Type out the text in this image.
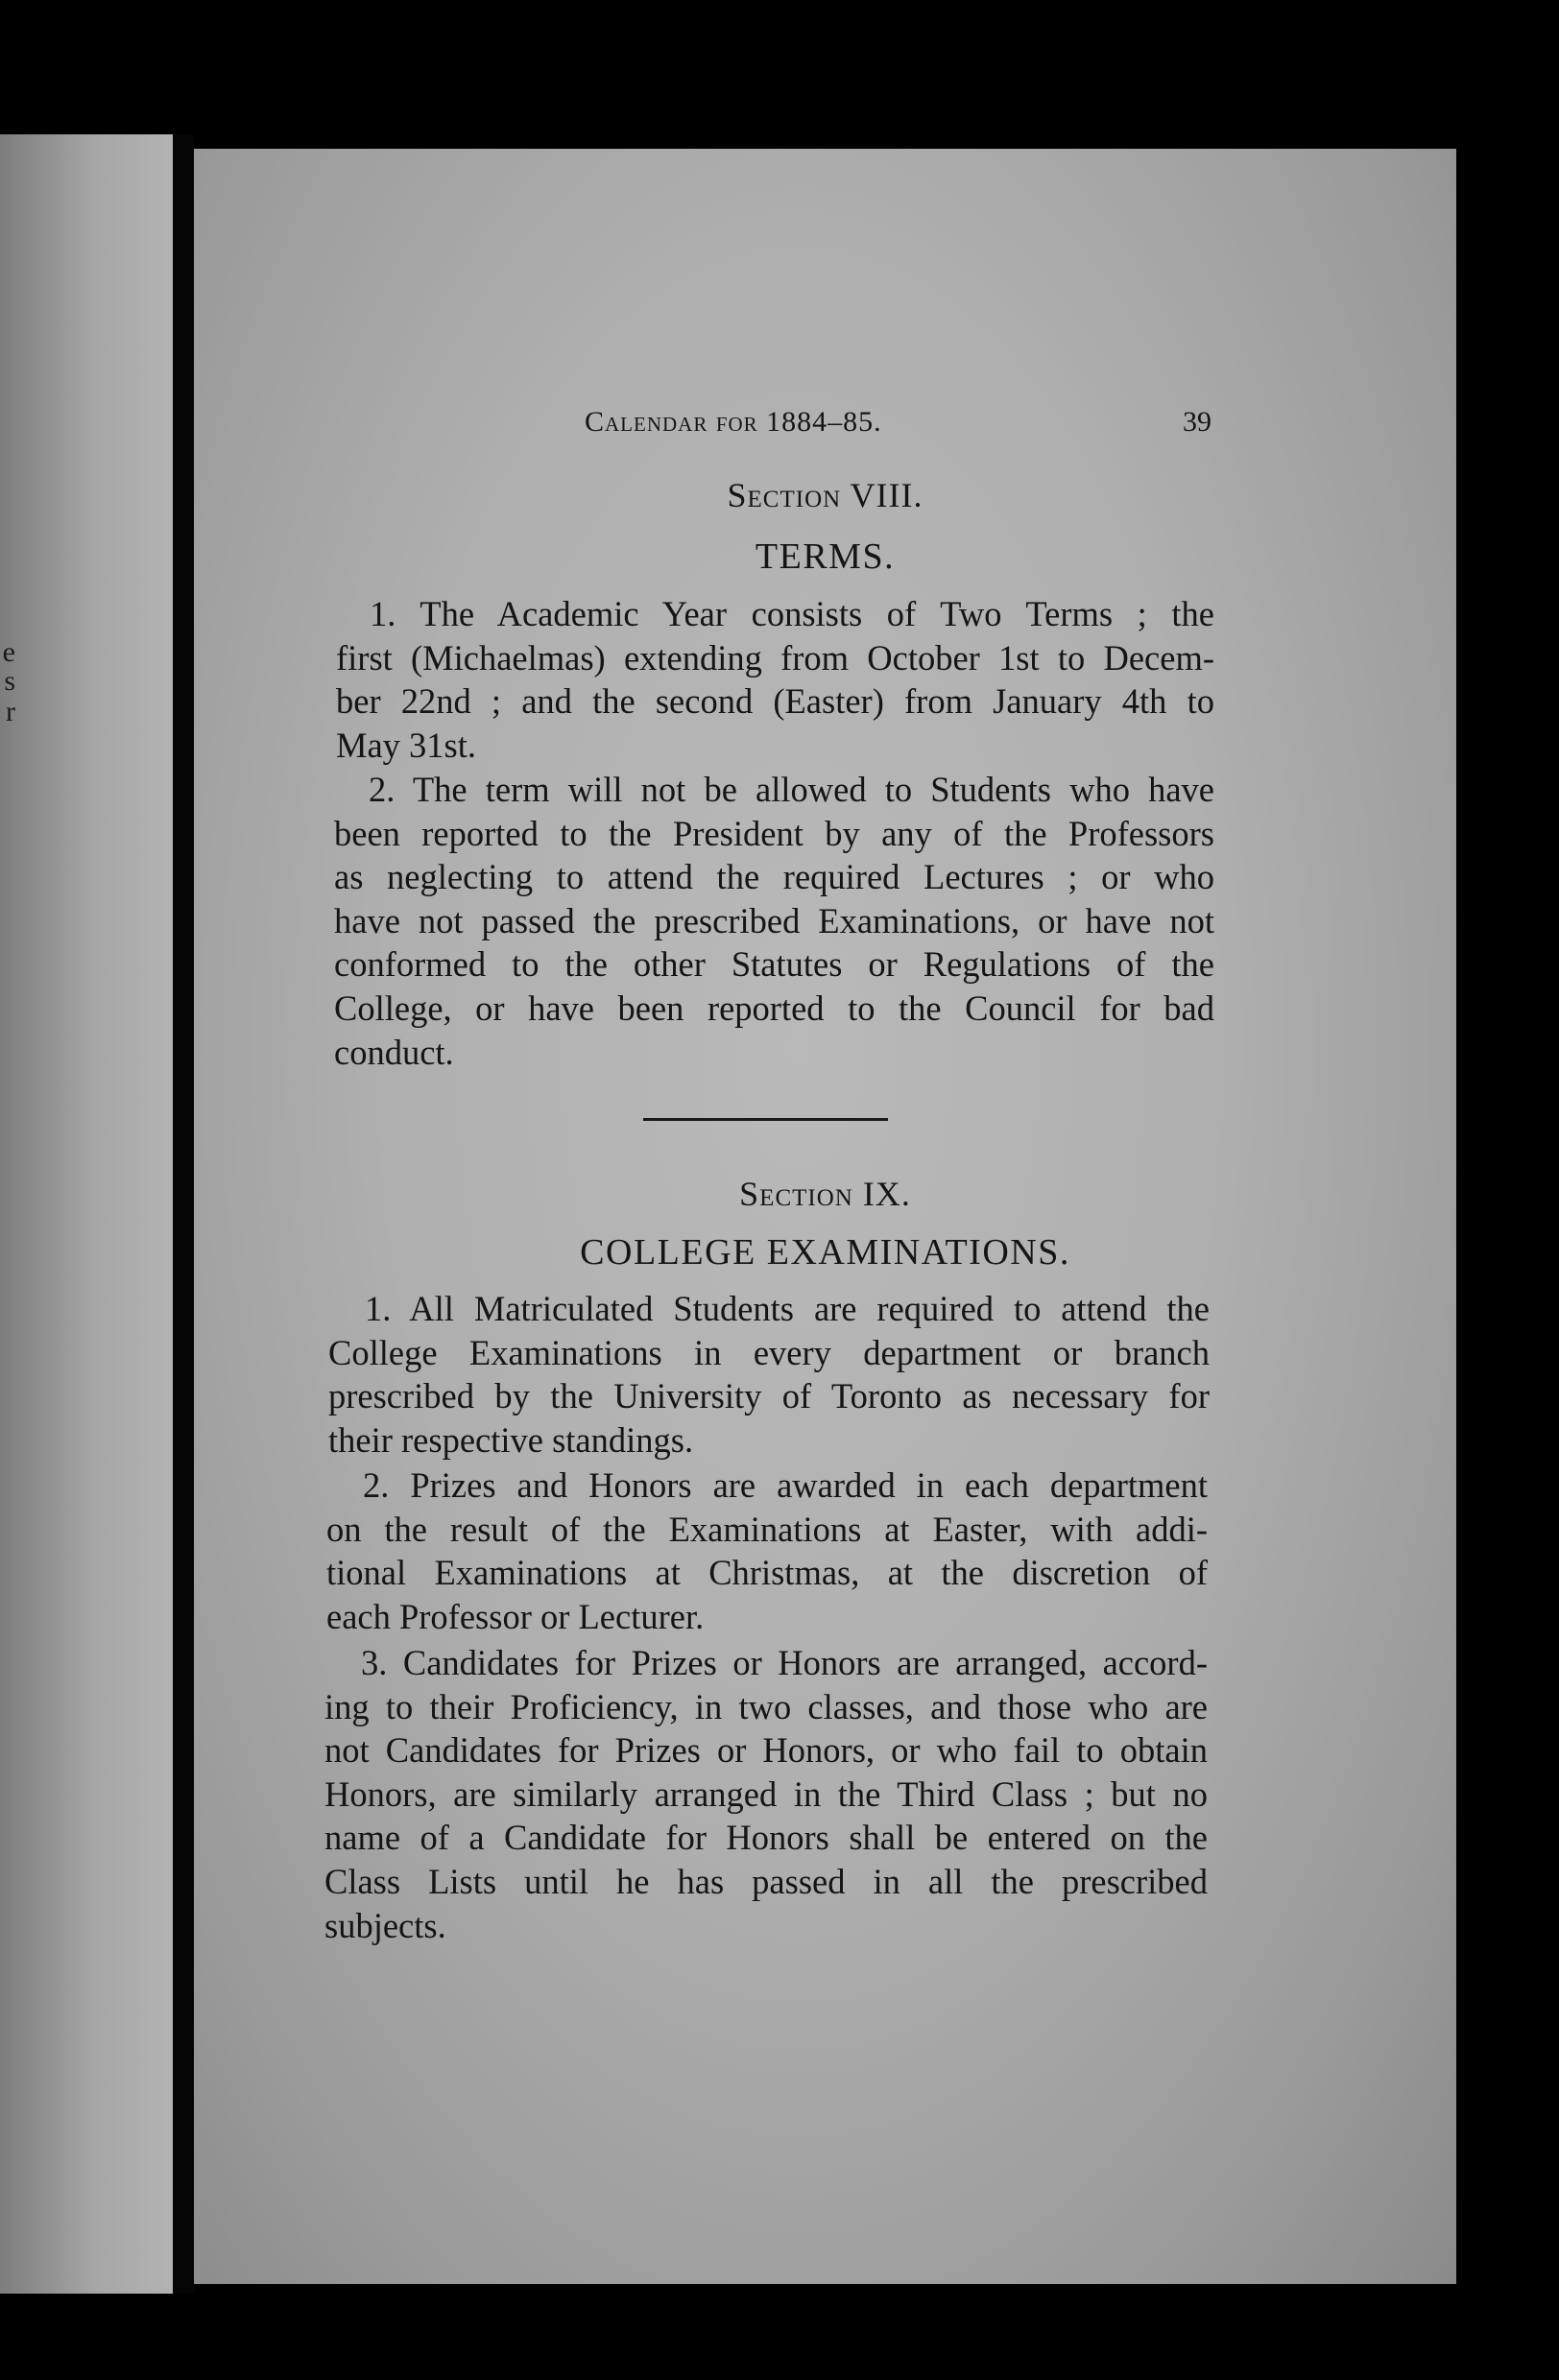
e
s
r
Calendar for 1884–85.	39
Section VIII.
TERMS.
1. The Academic Year consists of Two Terms ; the
first (Michaelmas) extending from October 1st to Decem-
ber 22nd ; and the second (Easter) from January 4th to
May 31st.
2. The term will not be allowed to Students who have
been reported to the President by any of the Professors
as neglecting to attend the required Lectures ; or who
have not passed the prescribed Examinations, or have not
conformed to the other Statutes or Regulations of the
College, or have been reported to the Council for bad
conduct.
Section IX.
COLLEGE EXAMINATIONS.
1. All Matriculated Students are required to attend the
College Examinations in every department or branch
prescribed by the University of Toronto as necessary for
their respective standings.
2. Prizes and Honors are awarded in each department
on the result of the Examinations at Easter, with addi-
tional Examinations at Christmas, at the discretion of
each Professor or Lecturer.
3. Candidates for Prizes or Honors are arranged, accord-
ing to their Proficiency, in two classes, and those who are
not Candidates for Prizes or Honors, or who fail to obtain
Honors, are similarly arranged in the Third Class ; but no
name of a Candidate for Honors shall be entered on the
Class Lists until he has passed in all the prescribed
subjects.
